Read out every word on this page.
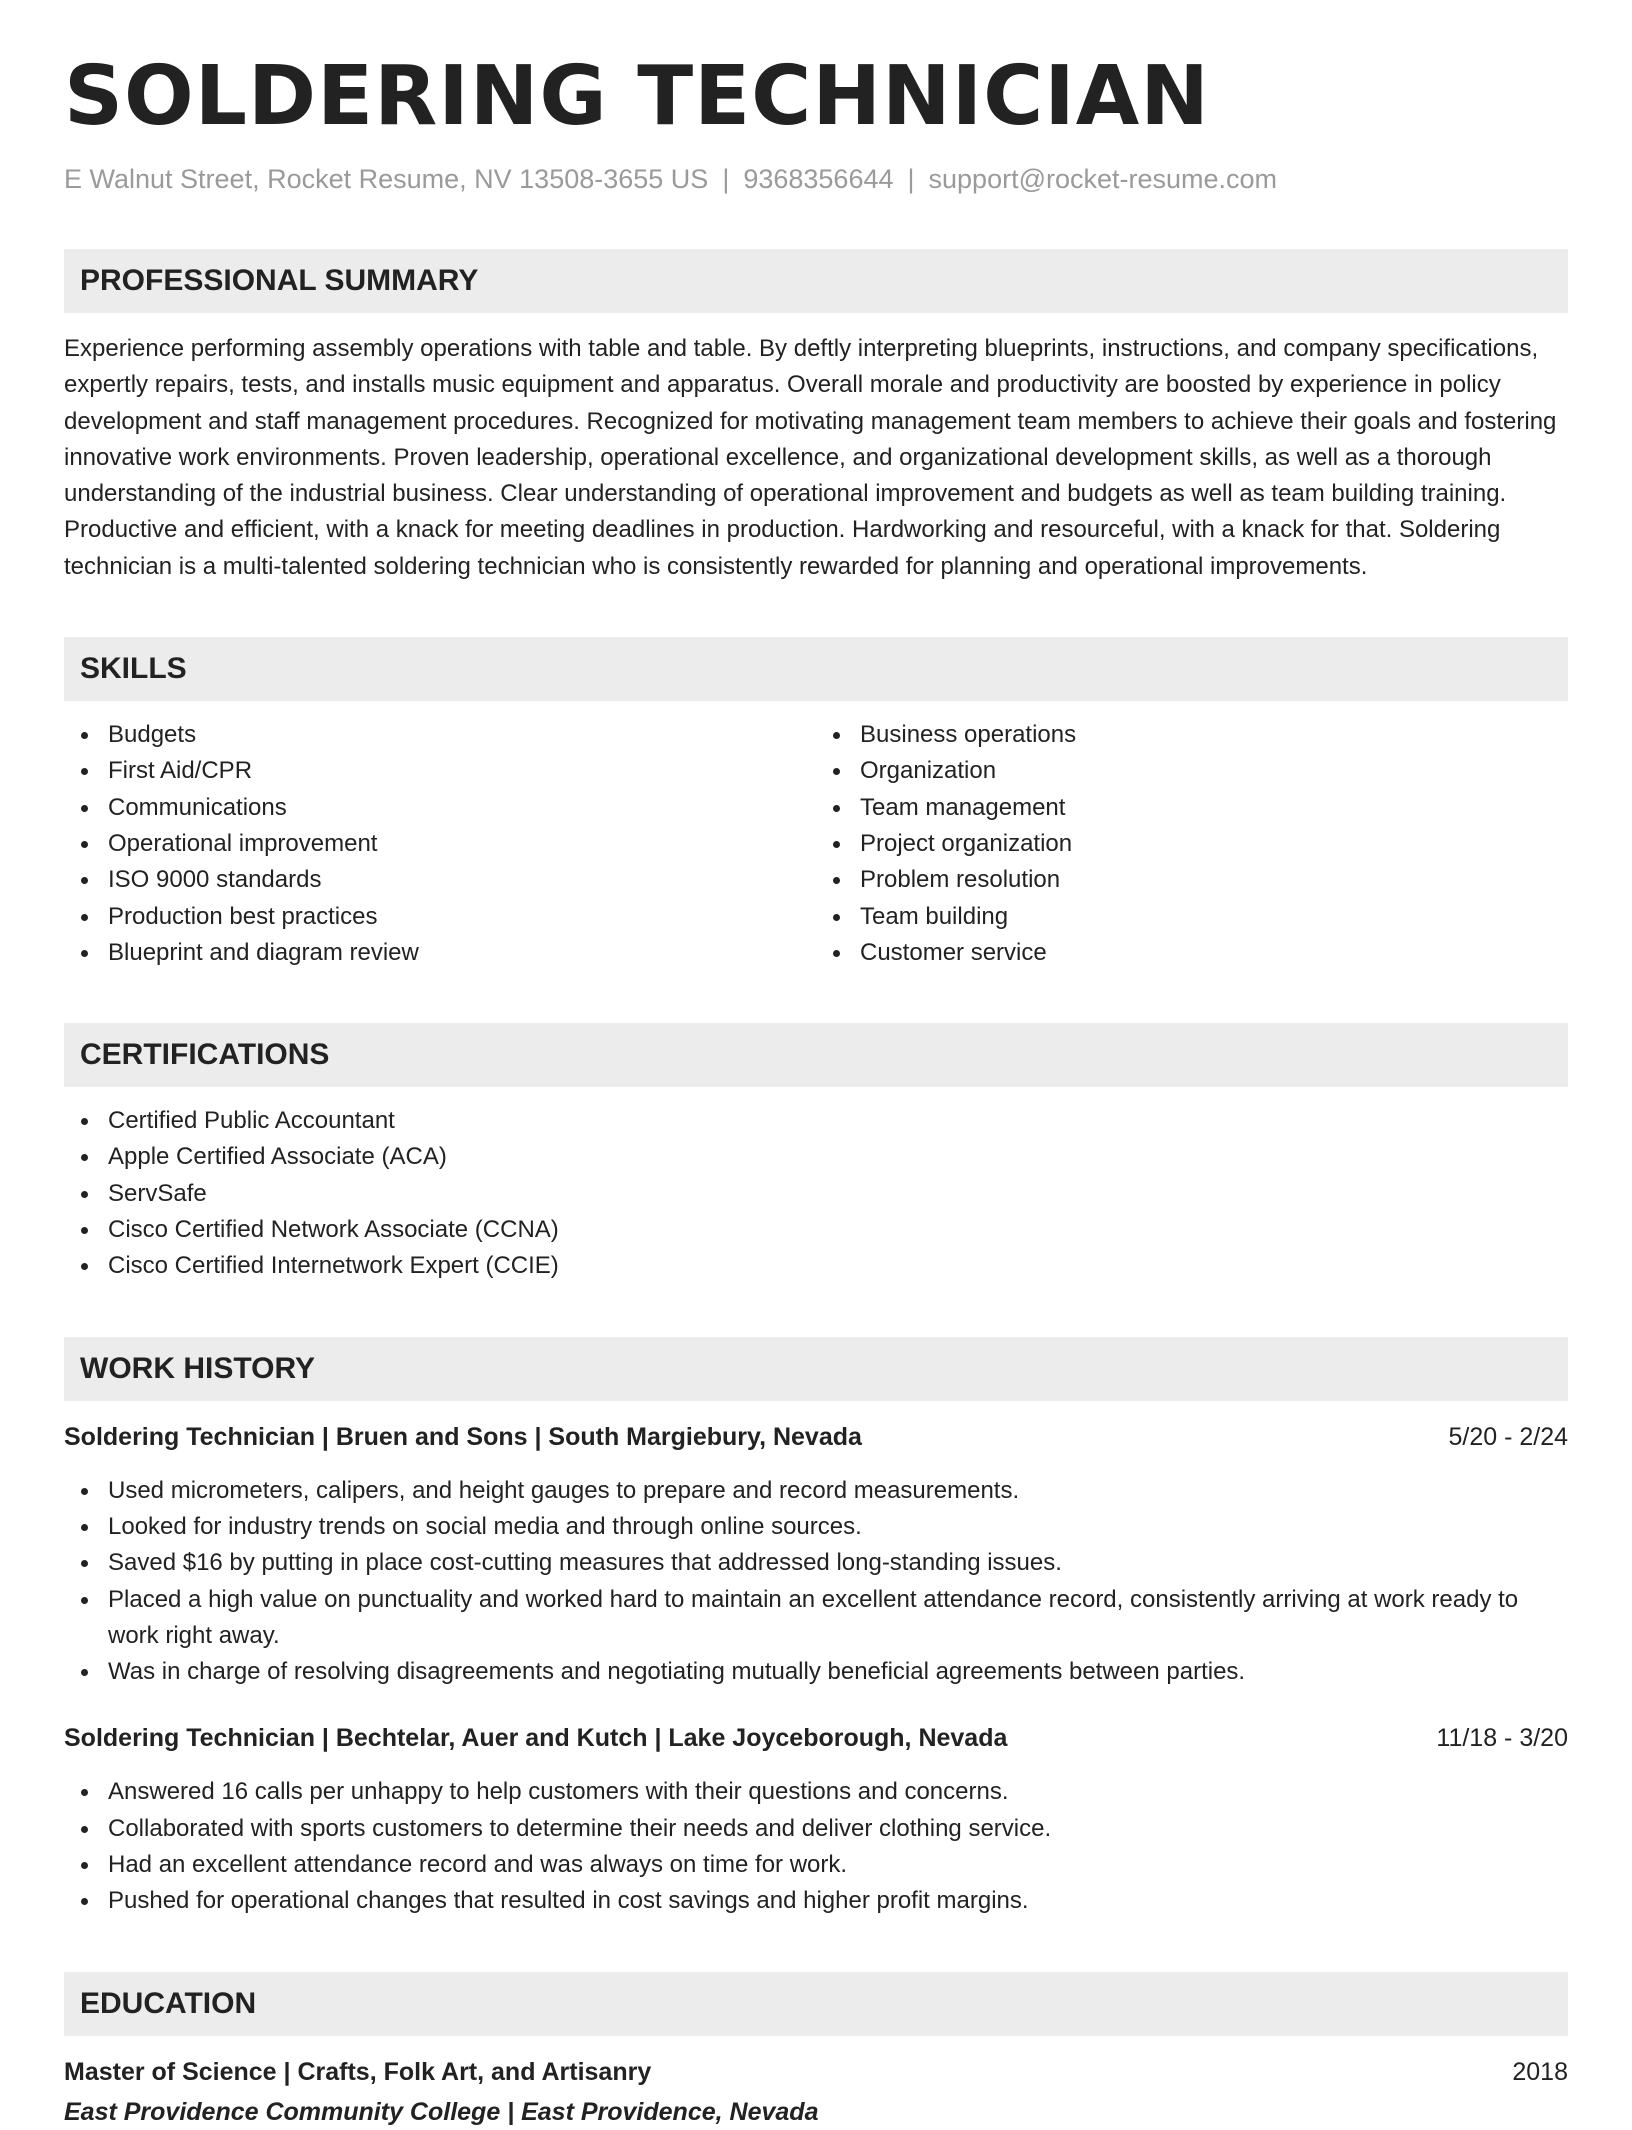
SOLDERING TECHNICIAN
E Walnut Street, Rocket Resume, NV 13508-3655 US | 9368356644 | support@rocket-resume.com
PROFESSIONAL SUMMARY
Experience performing assembly operations with table and table. By deftly interpreting blueprints, instructions, and company specifications, expertly repairs, tests, and installs music equipment and apparatus. Overall morale and productivity are boosted by experience in policy development and staff management procedures. Recognized for motivating management team members to achieve their goals and fostering innovative work environments. Proven leadership, operational excellence, and organizational development skills, as well as a thorough understanding of the industrial business. Clear understanding of operational improvement and budgets as well as team building training. Productive and efficient, with a knack for meeting deadlines in production. Hardworking and resourceful, with a knack for that. Soldering technician is a multi-talented soldering technician who is consistently rewarded for planning and operational improvements.
SKILLS
Budgets
First Aid/CPR
Communications
Operational improvement
ISO 9000 standards
Production best practices
Blueprint and diagram review
Business operations
Organization
Team management
Project organization
Problem resolution
Team building
Customer service
CERTIFICATIONS
Certified Public Accountant
Apple Certified Associate (ACA)
ServSafe
Cisco Certified Network Associate (CCNA)
Cisco Certified Internetwork Expert (CCIE)
WORK HISTORY
Soldering Technician | Bruen and Sons | South Margiebury, Nevada	5/20 - 2/24
Used micrometers, calipers, and height gauges to prepare and record measurements.
Looked for industry trends on social media and through online sources.
Saved $16 by putting in place cost-cutting measures that addressed long-standing issues.
Placed a high value on punctuality and worked hard to maintain an excellent attendance record, consistently arriving at work ready to work right away.
Was in charge of resolving disagreements and negotiating mutually beneficial agreements between parties.
Soldering Technician | Bechtelar, Auer and Kutch | Lake Joyceborough, Nevada	11/18 - 3/20
Answered 16 calls per unhappy to help customers with their questions and concerns.
Collaborated with sports customers to determine their needs and deliver clothing service.
Had an excellent attendance record and was always on time for work.
Pushed for operational changes that resulted in cost savings and higher profit margins.
EDUCATION
Master of Science | Crafts, Folk Art, and Artisanry	2018
East Providence Community College | East Providence, Nevada
